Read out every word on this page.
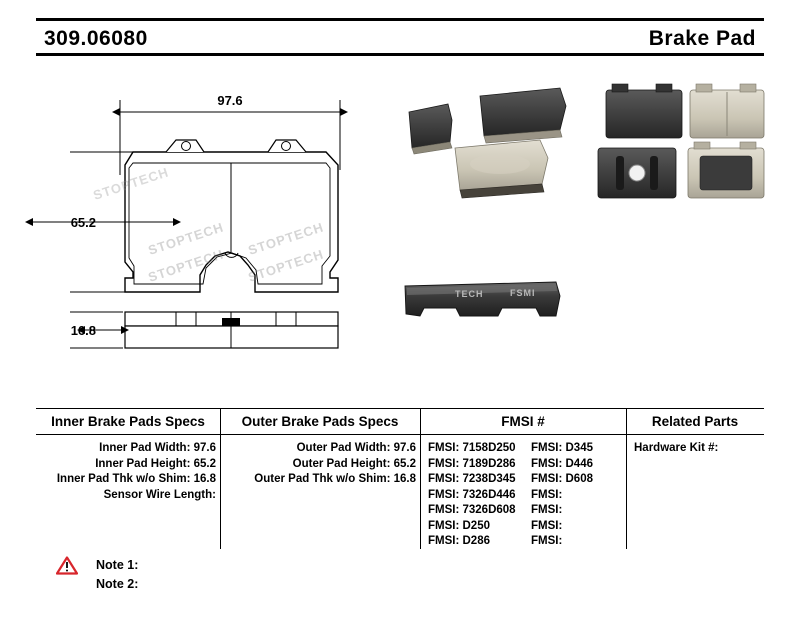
309.06080	Brake Pad
97.6
STOPTECH
STOPTECH
STOPTECH
STOPTECH
STOPTECH
65.2
16.8
TECH	FSMI
Inner Brake Pads Specs
Inner Pad Width: 97.6
Inner Pad Height: 65.2
Inner Pad Thk w/o Shim: 16.8
Sensor Wire Length:
Outer Brake Pads Specs
Outer Pad Width: 97.6
Outer Pad Height: 65.2
Outer Pad Thk w/o Shim: 16.8
FMSI #
FMSI: 7158D250
FMSI: 7189D286
FMSI: 7238D345
FMSI: 7326D446
FMSI: 7326D608
FMSI: D250
FMSI: D286
FMSI: D345
FMSI: D446
FMSI: D608
FMSI:
FMSI:
FMSI:
FMSI:
Related Parts
Hardware Kit #:
Note 1:
Note 2:
